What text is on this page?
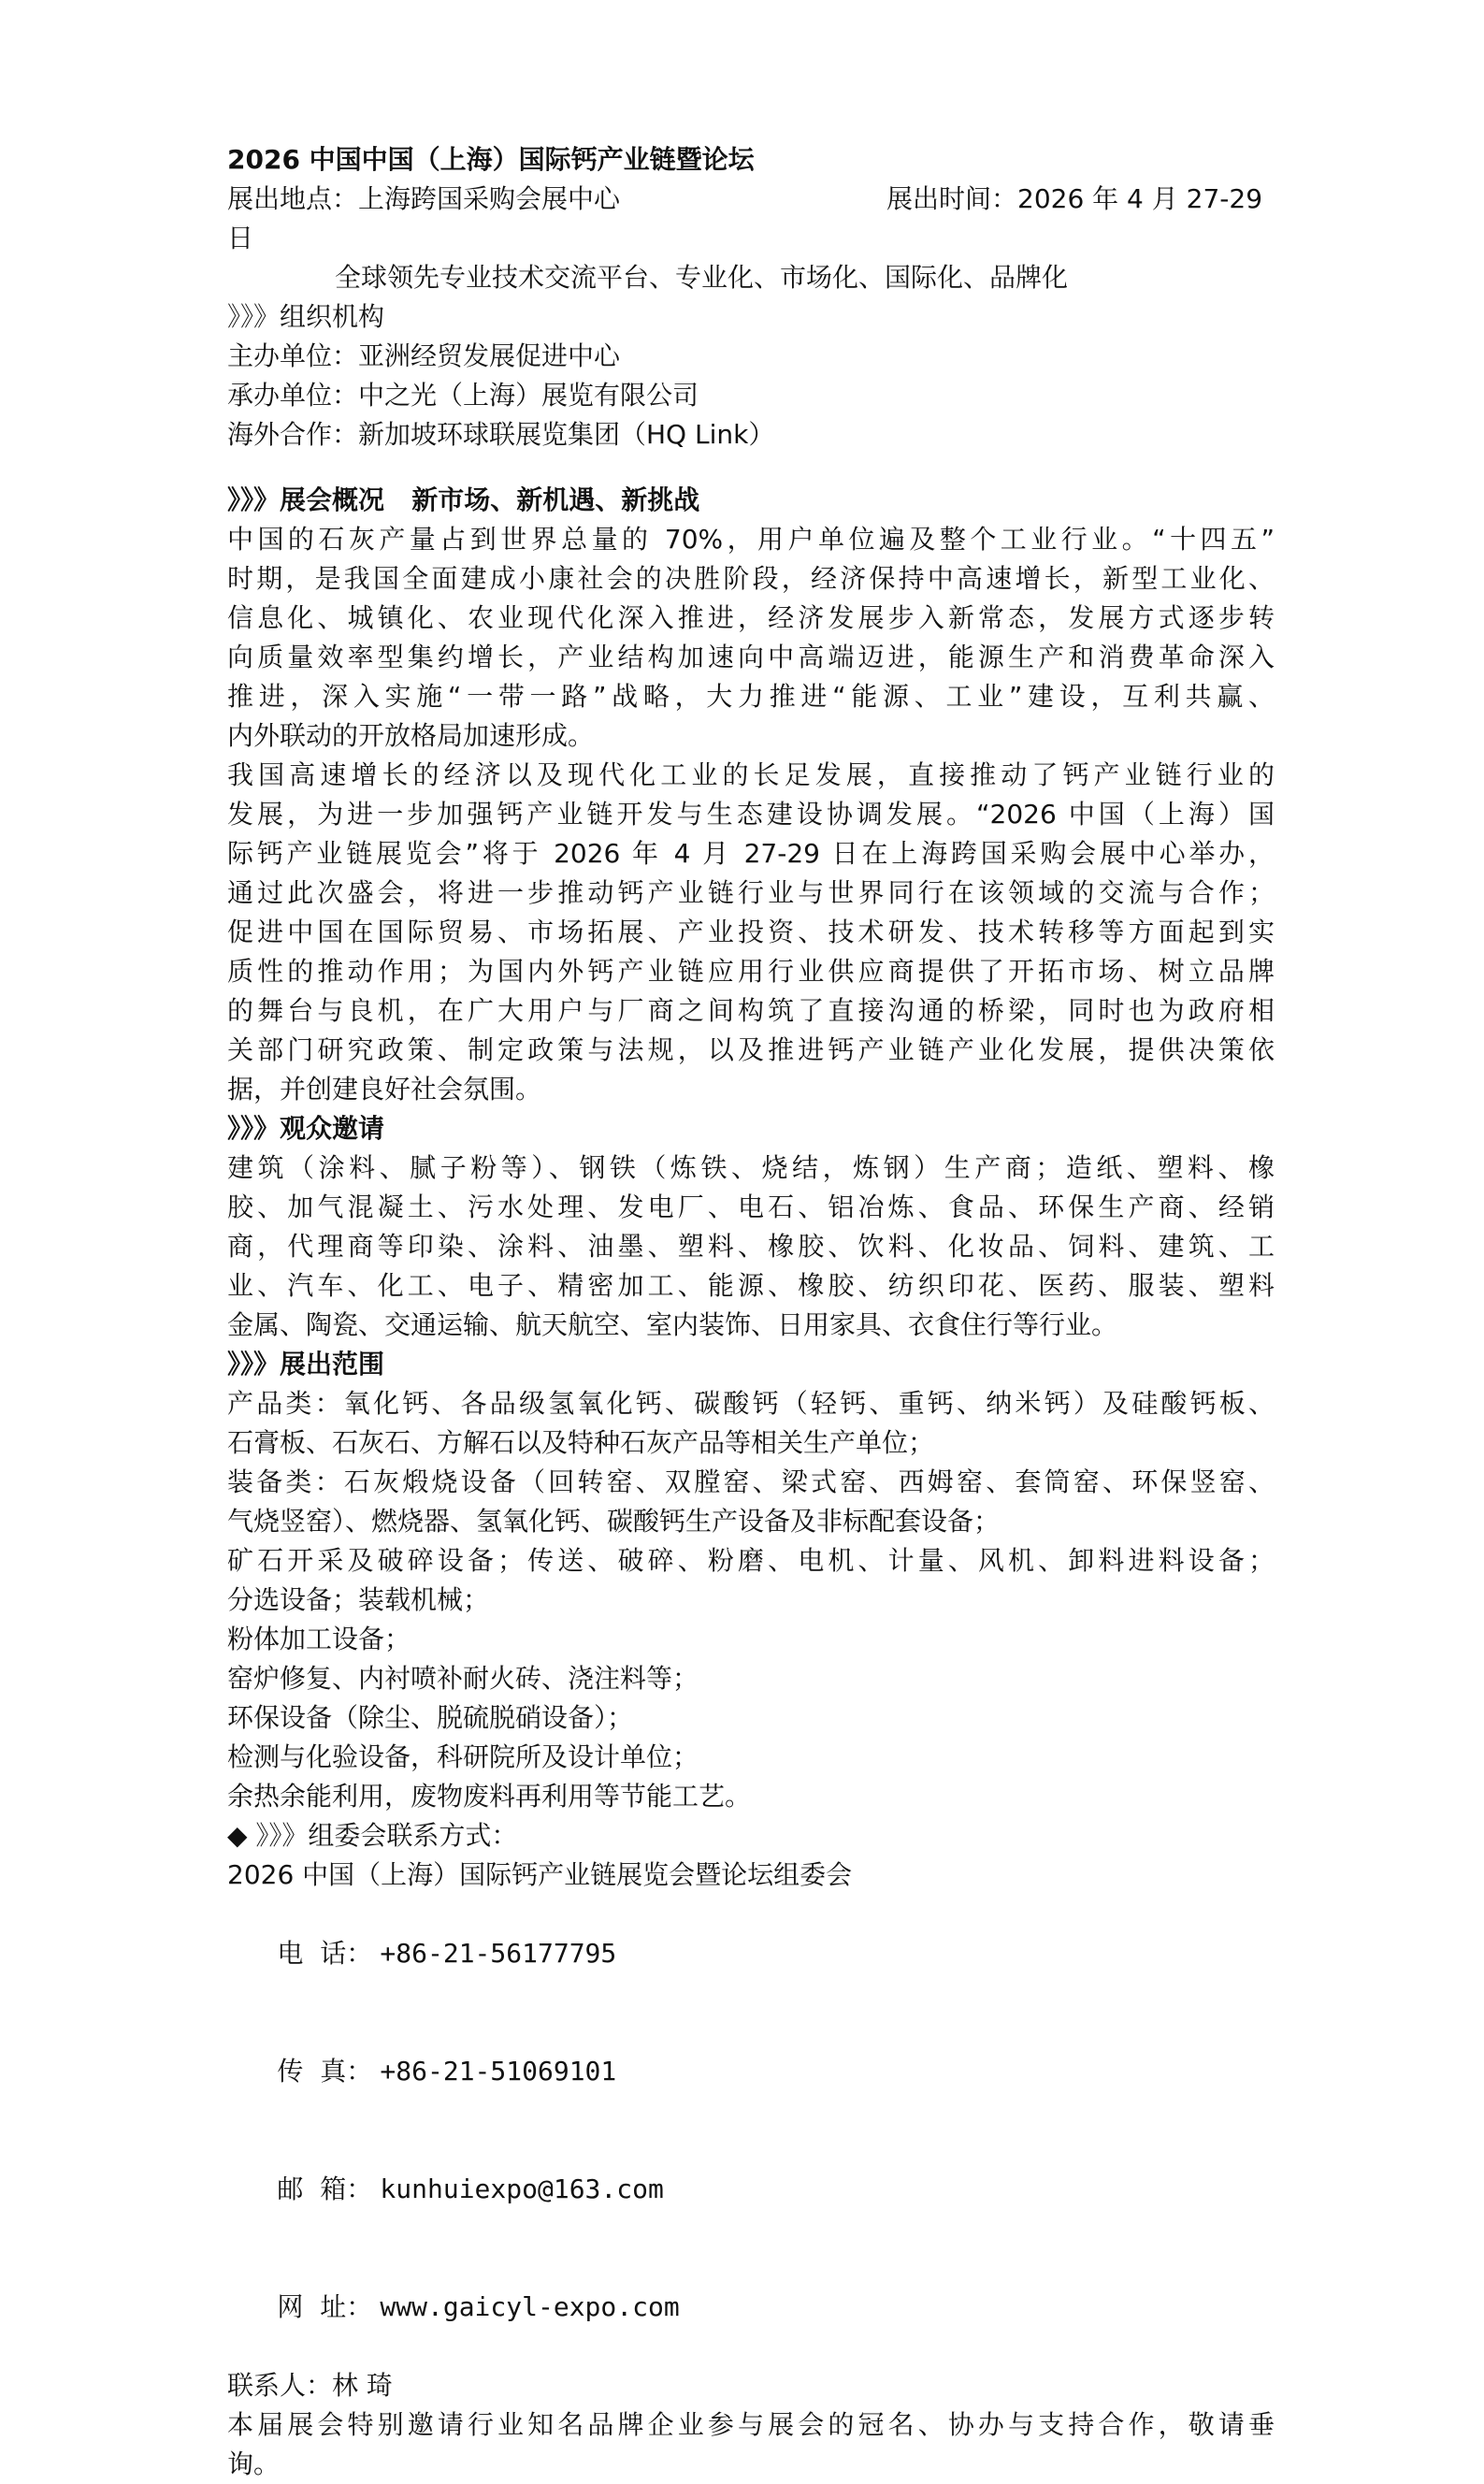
2026 中国中国（上海）国际钙产业链暨论坛
展出地点：上海跨国采购会展中心	展出时间：2026 年 4 月 27-29
日
全球领先专业技术交流平台、专业化、市场化、国际化、品牌化
》》》组织机构
主办单位：亚洲经贸发展促进中心
承办单位：中之光（上海）展览有限公司
海外合作：新加坡环球联展览集团（HQ Link）
》》》展会概况   新市场、新机遇、新挑战
中国的石灰产量占到世界总量的 70%，用户单位遍及整个工业行业。“十四五”
时期，是我国全面建成小康社会的决胜阶段，经济保持中高速增长，新型工业化、
信息化、城镇化、农业现代化深入推进，经济发展步入新常态，发展方式逐步转
向质量效率型集约增长，产业结构加速向中高端迈进，能源生产和消费革命深入
推进，深入实施“一带一路”战略，大力推进“能源、工业”建设，互利共赢、
内外联动的开放格局加速形成。
我国高速增长的经济以及现代化工业的长足发展，直接推动了钙产业链行业的
发展，为进一步加强钙产业链开发与生态建设协调发展。“2026 中国（上海）国
际钙产业链展览会”将于 2026 年 4 月 27-29 日在上海跨国采购会展中心举办，
通过此次盛会，将进一步推动钙产业链行业与世界同行在该领域的交流与合作；
促进中国在国际贸易、市场拓展、产业投资、技术研发、技术转移等方面起到实
质性的推动作用；为国内外钙产业链应用行业供应商提供了开拓市场、树立品牌
的舞台与良机，在广大用户与厂商之间构筑了直接沟通的桥梁，同时也为政府相
关部门研究政策、制定政策与法规，以及推进钙产业链产业化发展，提供决策依
据，并创建良好社会氛围。
》》》观众邀请
建筑（涂料、腻子粉等）、钢铁（炼铁、烧结，炼钢）生产商；造纸、塑料、橡
胶、加气混凝土、污水处理、发电厂、电石、铝冶炼、食品、环保生产商、经销
商，代理商等印染、涂料、油墨、塑料、橡胶、饮料、化妆品、饲料、建筑、工
业、汽车、化工、电子、精密加工、能源、橡胶、纺织印花、医药、服装、塑料
金属、陶瓷、交通运输、航天航空、室内装饰、日用家具、衣食住行等行业。
》》》展出范围
产品类：氧化钙、各品级氢氧化钙、碳酸钙（轻钙、重钙、纳米钙）及硅酸钙板、
石膏板、石灰石、方解石以及特种石灰产品等相关生产单位；
装备类：石灰煅烧设备（回转窑、双膛窑、梁式窑、西姆窑、套筒窑、环保竖窑、
气烧竖窑）、燃烧器、氢氧化钙、碳酸钙生产设备及非标配套设备；
矿石开采及破碎设备；传送、破碎、粉磨、电机、计量、风机、卸料进料设备；
分选设备；装载机械；
粉体加工设备；
窑炉修复、内衬喷补耐火砖、浇注料等；
环保设备（除尘、脱硫脱硝设备）；
检测与化验设备，科研院所及设计单位；
余热余能利用，废物废料再利用等节能工艺。
◆ 》》》组委会联系方式：
2026 中国（上海）国际钙产业链展览会暨论坛组委会

电  话： +86-21-56177795

传  真： +86-21-51069101

邮  箱： kunhuiexpo@163.com

网  址： www.gaicyl-expo.com

联系人：林 琦
本届展会特别邀请行业知名品牌企业参与展会的冠名、协办与支持合作，敬请垂
询。
